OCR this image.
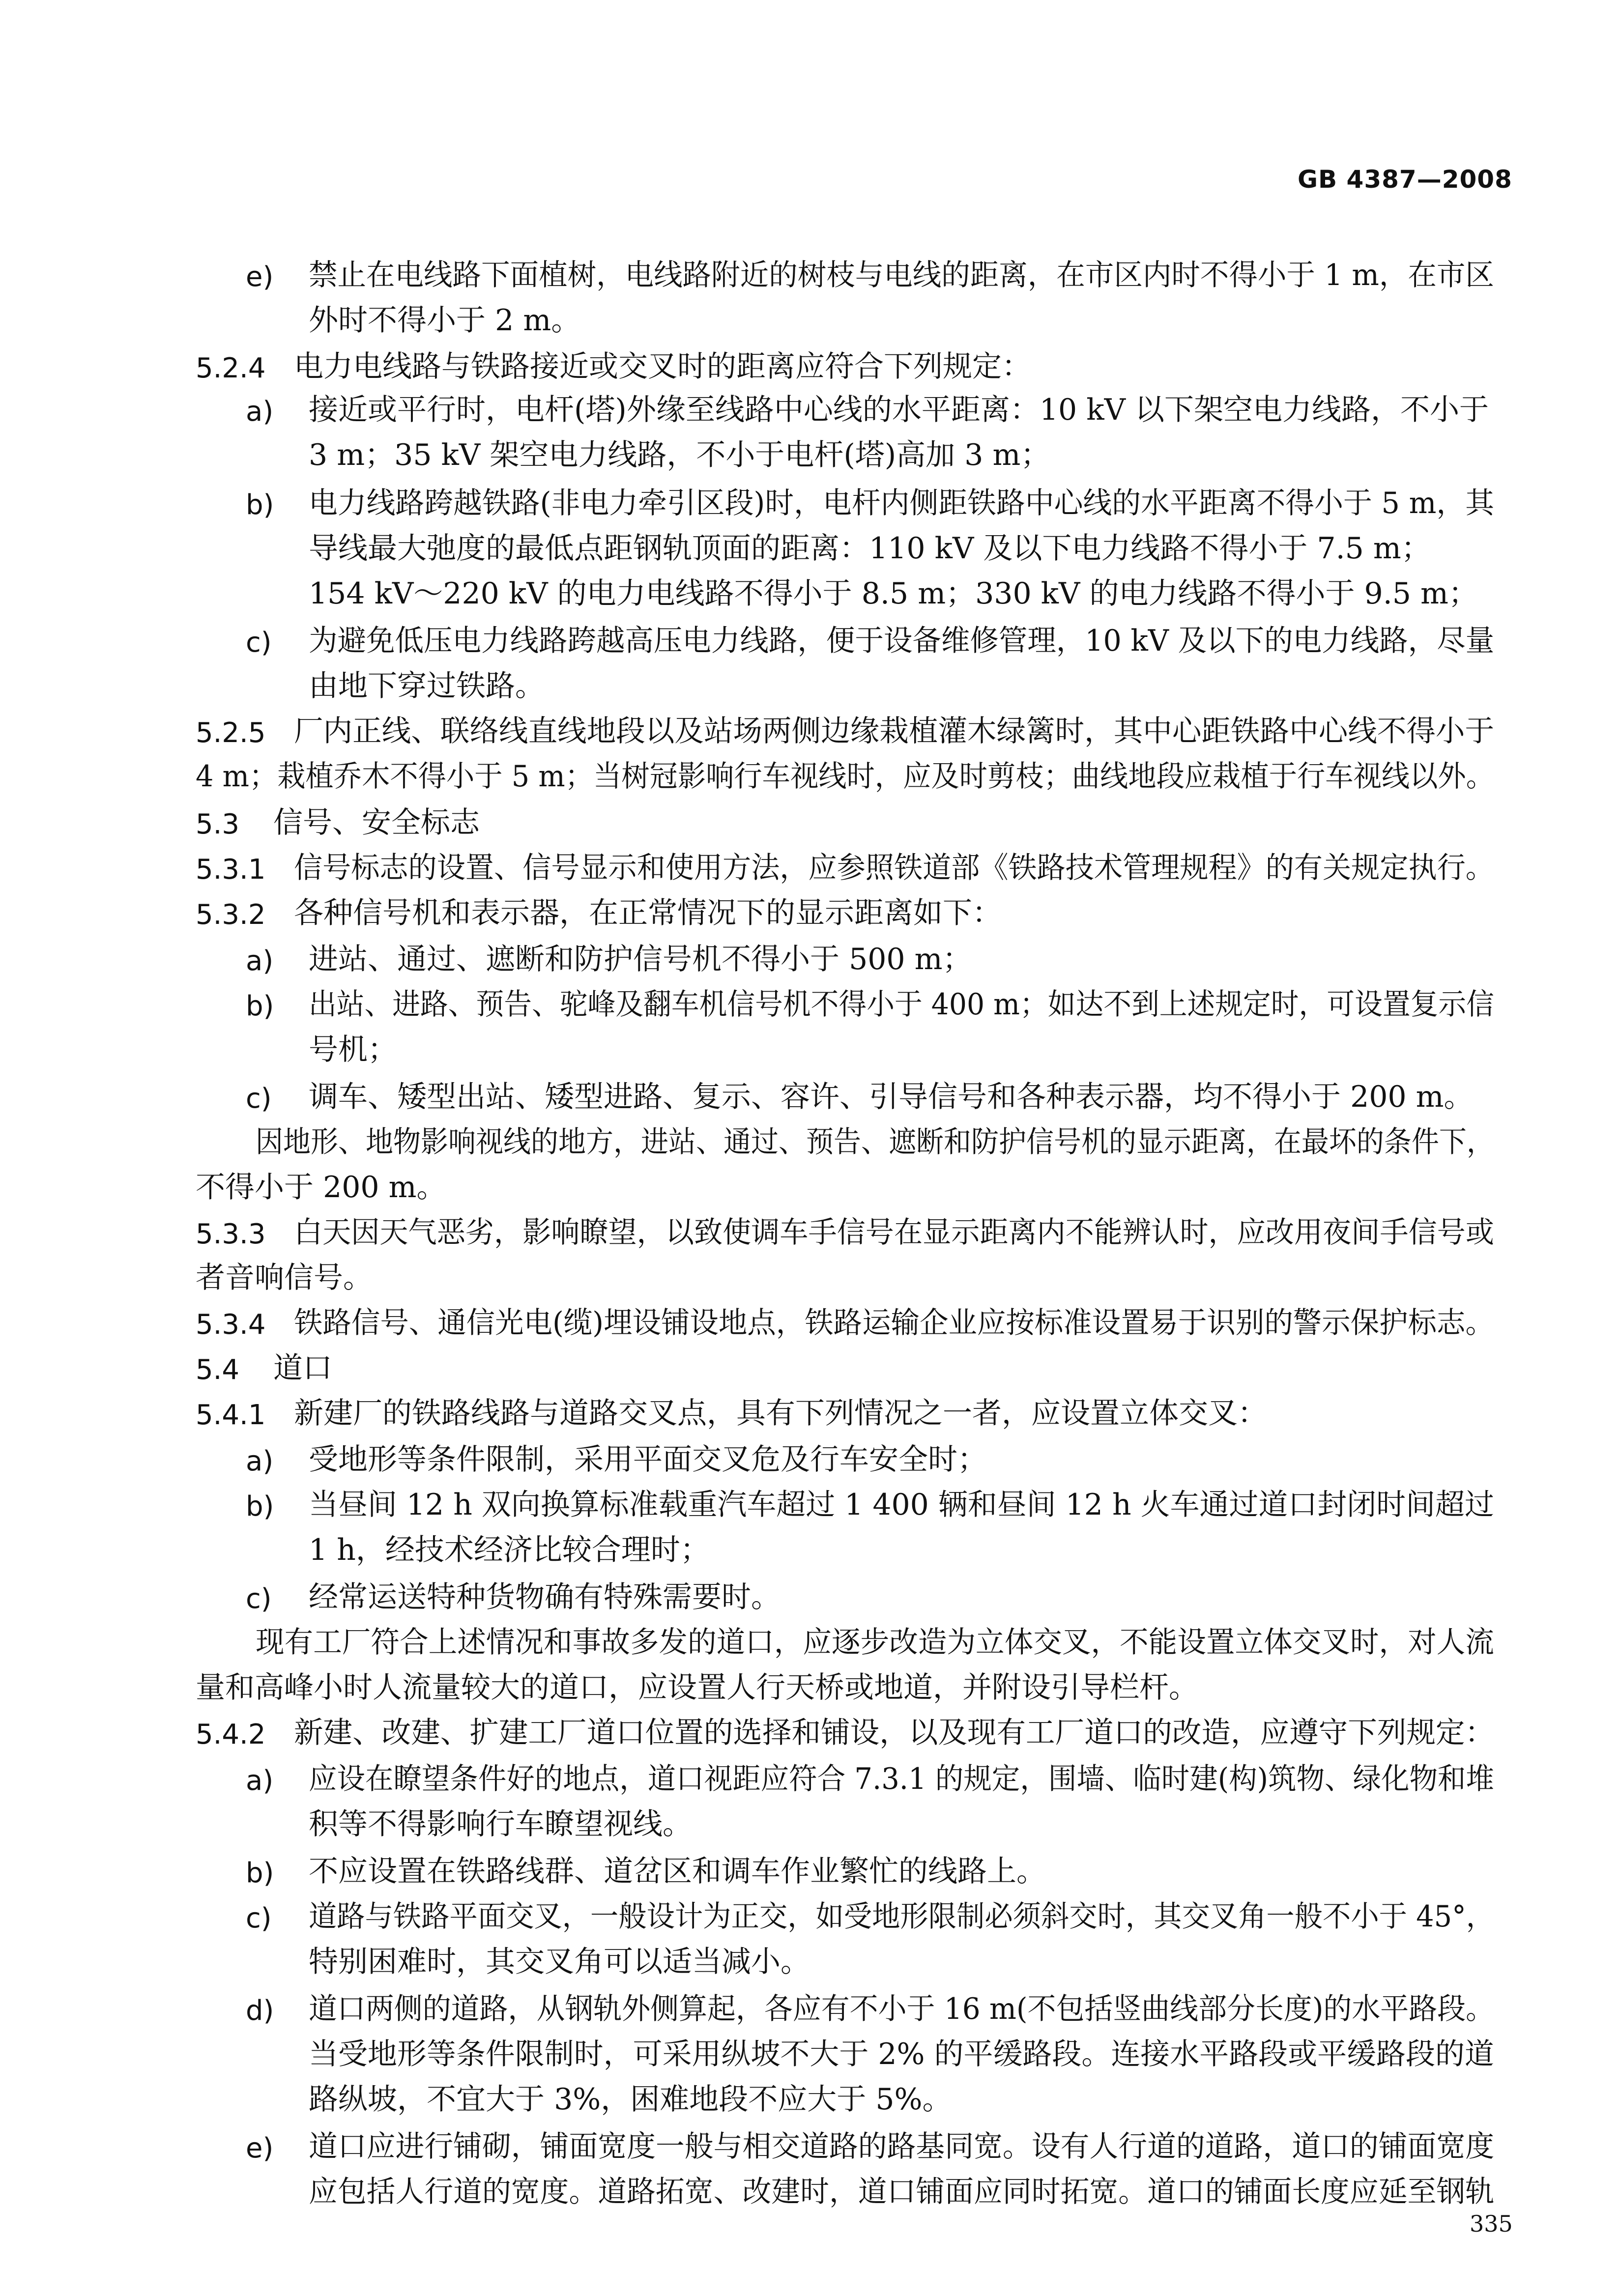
GB 4387—2008
e) 禁止在电线路下面植树，电线路附近的树枝与电线的距离，在市区内时不得小于 1 m，在市区
外时不得小于 2 m。
5.2.4 电力电线路与铁路接近或交叉时的距离应符合下列规定：
a) 接近或平行时，电杆(塔)外缘至线路中心线的水平距离：10 kV 以下架空电力线路，不小于
3 m；35 kV 架空电力线路，不小于电杆(塔)高加 3 m；
b) 电力线路跨越铁路(非电力牵引区段)时，电杆内侧距铁路中心线的水平距离不得小于 5 m，其
导线最大弛度的最低点距钢轨顶面的距离：110 kV 及以下电力线路不得小于 7.5 m；
154 kV～220 kV 的电力电线路不得小于 8.5 m；330 kV 的电力线路不得小于 9.5 m；
c) 为避免低压电力线路跨越高压电力线路，便于设备维修管理，10 kV 及以下的电力线路，尽量
由地下穿过铁路。
5.2.5 厂内正线、联络线直线地段以及站场两侧边缘栽植灌木绿篱时，其中心距铁路中心线不得小于
4 m；栽植乔木不得小于 5 m；当树冠影响行车视线时，应及时剪枝；曲线地段应栽植于行车视线以外。
5.3 信号、安全标志
5.3.1 信号标志的设置、信号显示和使用方法，应参照铁道部《铁路技术管理规程》的有关规定执行。
5.3.2 各种信号机和表示器，在正常情况下的显示距离如下：
a) 进站、通过、遮断和防护信号机不得小于 500 m；
b) 出站、进路、预告、驼峰及翻车机信号机不得小于 400 m；如达不到上述规定时，可设置复示信
号机；
c) 调车、矮型出站、矮型进路、复示、容许、引导信号和各种表示器，均不得小于 200 m。
因地形、地物影响视线的地方，进站、通过、预告、遮断和防护信号机的显示距离，在最坏的条件下，
不得小于 200 m。
5.3.3 白天因天气恶劣，影响瞭望，以致使调车手信号在显示距离内不能辨认时，应改用夜间手信号或
者音响信号。
5.3.4 铁路信号、通信光电(缆)埋设铺设地点，铁路运输企业应按标准设置易于识别的警示保护标志。
5.4 道口
5.4.1 新建厂的铁路线路与道路交叉点，具有下列情况之一者，应设置立体交叉：
a) 受地形等条件限制，采用平面交叉危及行车安全时；
b) 当昼间 12 h 双向换算标准载重汽车超过 1 400 辆和昼间 12 h 火车通过道口封闭时间超过
1 h，经技术经济比较合理时；
c) 经常运送特种货物确有特殊需要时。
现有工厂符合上述情况和事故多发的道口，应逐步改造为立体交叉，不能设置立体交叉时，对人流
量和高峰小时人流量较大的道口，应设置人行天桥或地道，并附设引导栏杆。
5.4.2 新建、改建、扩建工厂道口位置的选择和铺设，以及现有工厂道口的改造，应遵守下列规定：
a) 应设在瞭望条件好的地点，道口视距应符合 7.3.1 的规定，围墙、临时建(构)筑物、绿化物和堆
积等不得影响行车瞭望视线。
b) 不应设置在铁路线群、道岔区和调车作业繁忙的线路上。
c) 道路与铁路平面交叉，一般设计为正交，如受地形限制必须斜交时，其交叉角一般不小于 45°，
特别困难时，其交叉角可以适当减小。
d) 道口两侧的道路，从钢轨外侧算起，各应有不小于 16 m(不包括竖曲线部分长度)的水平路段。
当受地形等条件限制时，可采用纵坡不大于 2% 的平缓路段。连接水平路段或平缓路段的道
路纵坡，不宜大于 3%，困难地段不应大于 5%。
e) 道口应进行铺砌，铺面宽度一般与相交道路的路基同宽。设有人行道的道路，道口的铺面宽度
应包括人行道的宽度。道路拓宽、改建时，道口铺面应同时拓宽。道口的铺面长度应延至钢轨
335
